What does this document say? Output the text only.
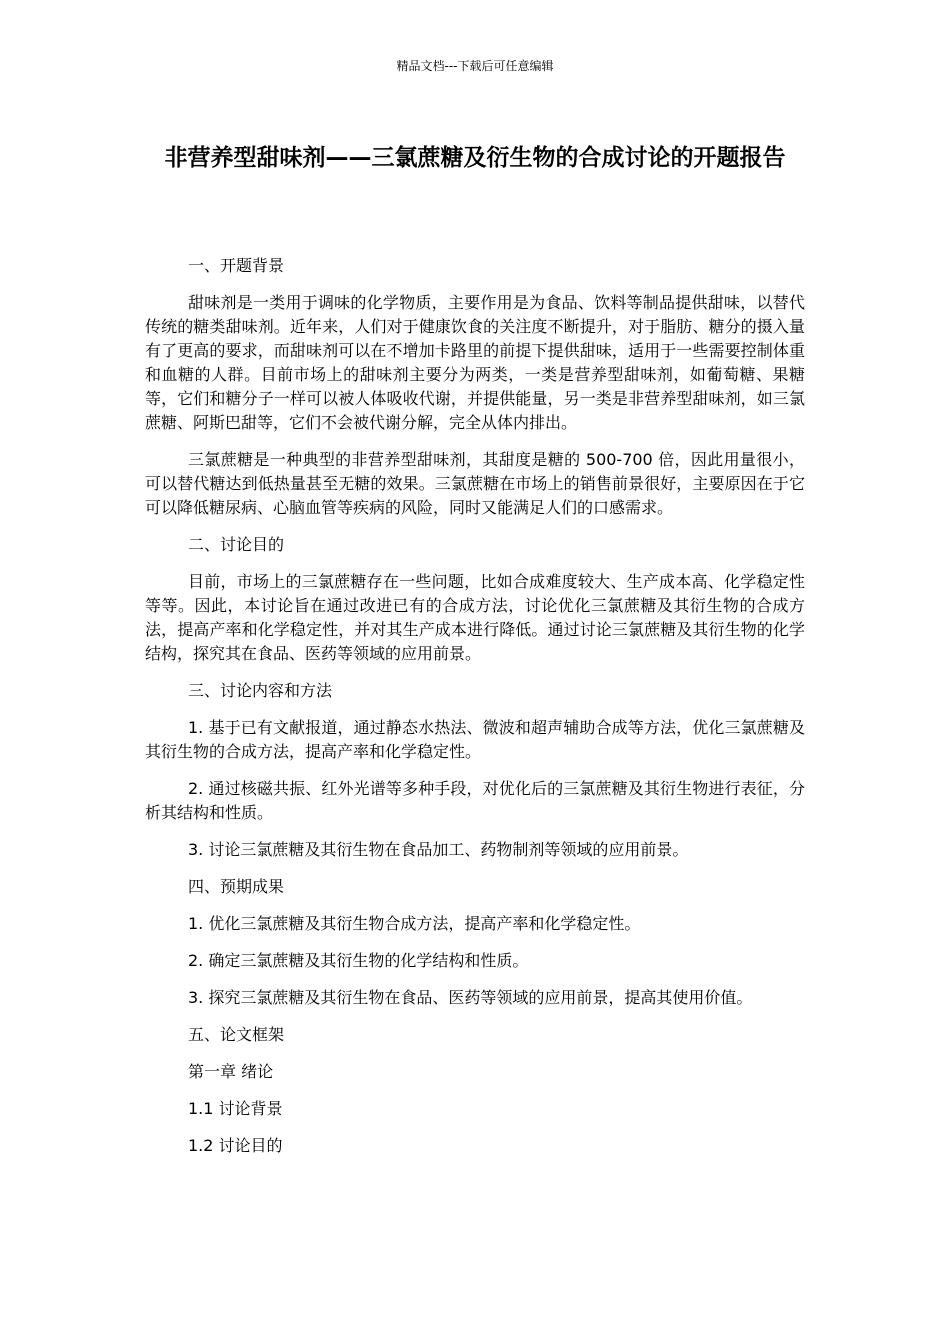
精品文档---下载后可任意编辑
非营养型甜味剂——三氯蔗糖及衍生物的合成讨论的开题报告

一、开题背景

甜味剂是一类用于调味的化学物质，主要作用是为食品、饮料等制品提供甜味，以替代传统的糖类甜味剂。近年来，人们对于健康饮食的关注度不断提升，对于脂肪、糖分的摄入量有了更高的要求，而甜味剂可以在不增加卡路里的前提下提供甜味，适用于一些需要控制体重和血糖的人群。目前市场上的甜味剂主要分为两类，一类是营养型甜味剂，如葡萄糖、果糖等，它们和糖分子一样可以被人体吸收代谢，并提供能量，另一类是非营养型甜味剂，如三氯蔗糖、阿斯巴甜等，它们不会被代谢分解，完全从体内排出。

三氯蔗糖是一种典型的非营养型甜味剂，其甜度是糖的 500-700 倍，因此用量很小，可以替代糖达到低热量甚至无糖的效果。三氯蔗糖在市场上的销售前景很好，主要原因在于它可以降低糖尿病、心脑血管等疾病的风险，同时又能满足人们的口感需求。

二、讨论目的

目前，市场上的三氯蔗糖存在一些问题，比如合成难度较大、生产成本高、化学稳定性等等。因此，本讨论旨在通过改进已有的合成方法，讨论优化三氯蔗糖及其衍生物的合成方法，提高产率和化学稳定性，并对其生产成本进行降低。通过讨论三氯蔗糖及其衍生物的化学结构，探究其在食品、医药等领域的应用前景。

三、讨论内容和方法

1. 基于已有文献报道，通过静态水热法、微波和超声辅助合成等方法，优化三氯蔗糖及其衍生物的合成方法，提高产率和化学稳定性。

2. 通过核磁共振、红外光谱等多种手段，对优化后的三氯蔗糖及其衍生物进行表征，分析其结构和性质。

3. 讨论三氯蔗糖及其衍生物在食品加工、药物制剂等领域的应用前景。

四、预期成果

1. 优化三氯蔗糖及其衍生物合成方法，提高产率和化学稳定性。

2. 确定三氯蔗糖及其衍生物的化学结构和性质。

3. 探究三氯蔗糖及其衍生物在食品、医药等领域的应用前景，提高其使用价值。

五、论文框架

第一章 绪论

1.1 讨论背景

1.2 讨论目的
